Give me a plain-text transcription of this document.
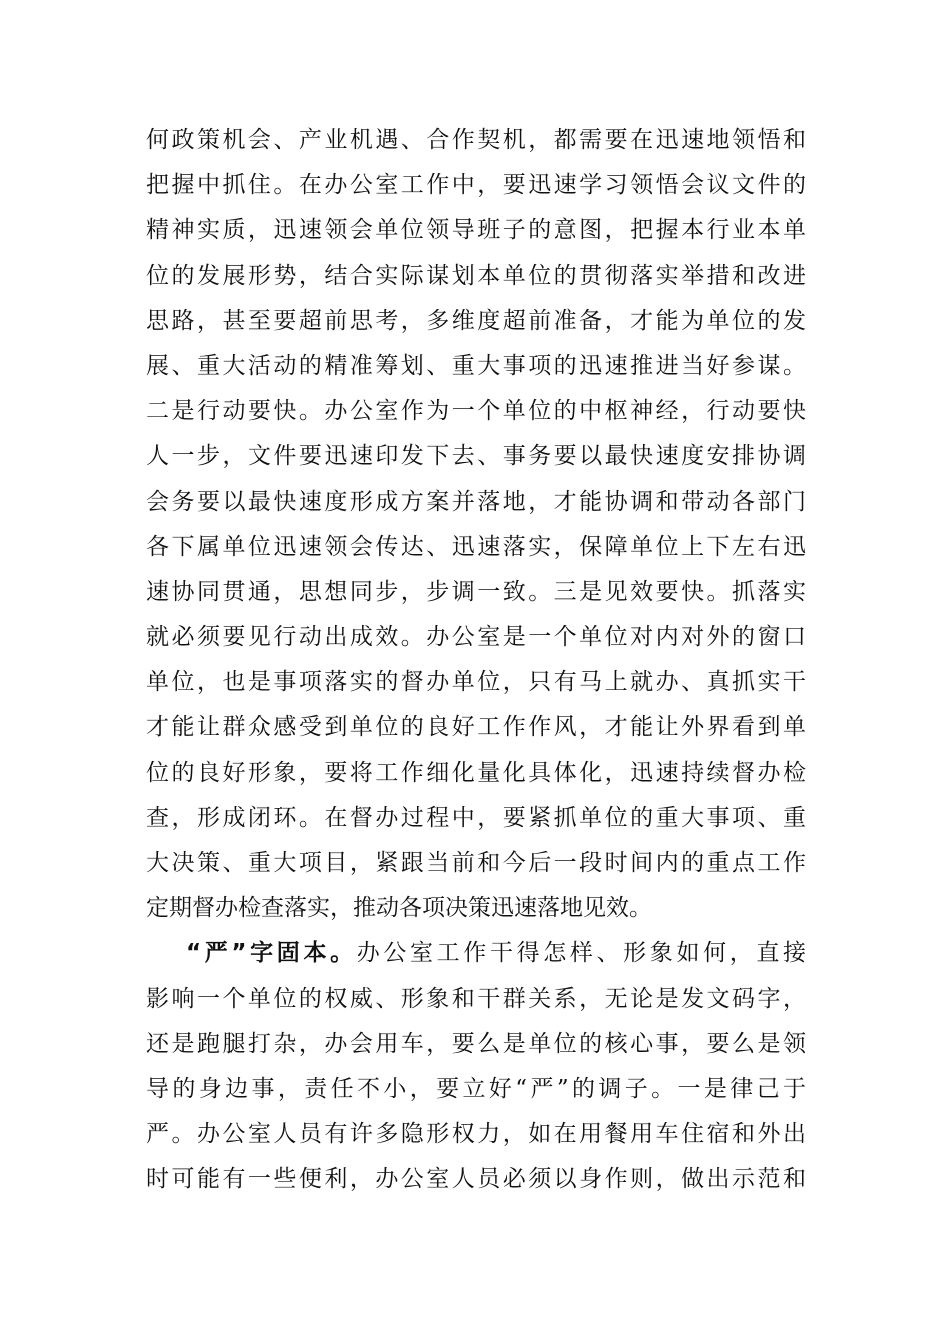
何政策机会、产业机遇、合作契机，都需要在迅速地领悟和
把握中抓住。在办公室工作中，要迅速学习领悟会议文件的
精神实质，迅速领会单位领导班子的意图，把握本行业本单
位的发展形势，结合实际谋划本单位的贯彻落实举措和改进
思路，甚至要超前思考，多维度超前准备，才能为单位的发
展、重大活动的精准筹划、重大事项的迅速推进当好参谋。
二是行动要快。办公室作为一个单位的中枢神经，行动要快
人一步，文件要迅速印发下去、事务要以最快速度安排协调
会务要以最快速度形成方案并落地，才能协调和带动各部门
各下属单位迅速领会传达、迅速落实，保障单位上下左右迅
速协同贯通，思想同步，步调一致。三是见效要快。抓落实
就必须要见行动出成效。办公室是一个单位对内对外的窗口
单位，也是事项落实的督办单位，只有马上就办、真抓实干
才能让群众感受到单位的良好工作作风，才能让外界看到单
位的良好形象，要将工作细化量化具体化，迅速持续督办检
查，形成闭环。在督办过程中，要紧抓单位的重大事项、重
大决策、重大项目，紧跟当前和今后一段时间内的重点工作
定期督办检查落实，推动各项决策迅速落地见效。
“严”字固本。办公室工作干得怎样、形象如何，直接
影响一个单位的权威、形象和干群关系，无论是发文码字，
还是跑腿打杂，办会用车，要么是单位的核心事，要么是领
导的身边事，责任不小，要立好“严”的调子。一是律己于
严。办公室人员有许多隐形权力，如在用餐用车住宿和外出
时可能有一些便利，办公室人员必须以身作则，做出示范和
